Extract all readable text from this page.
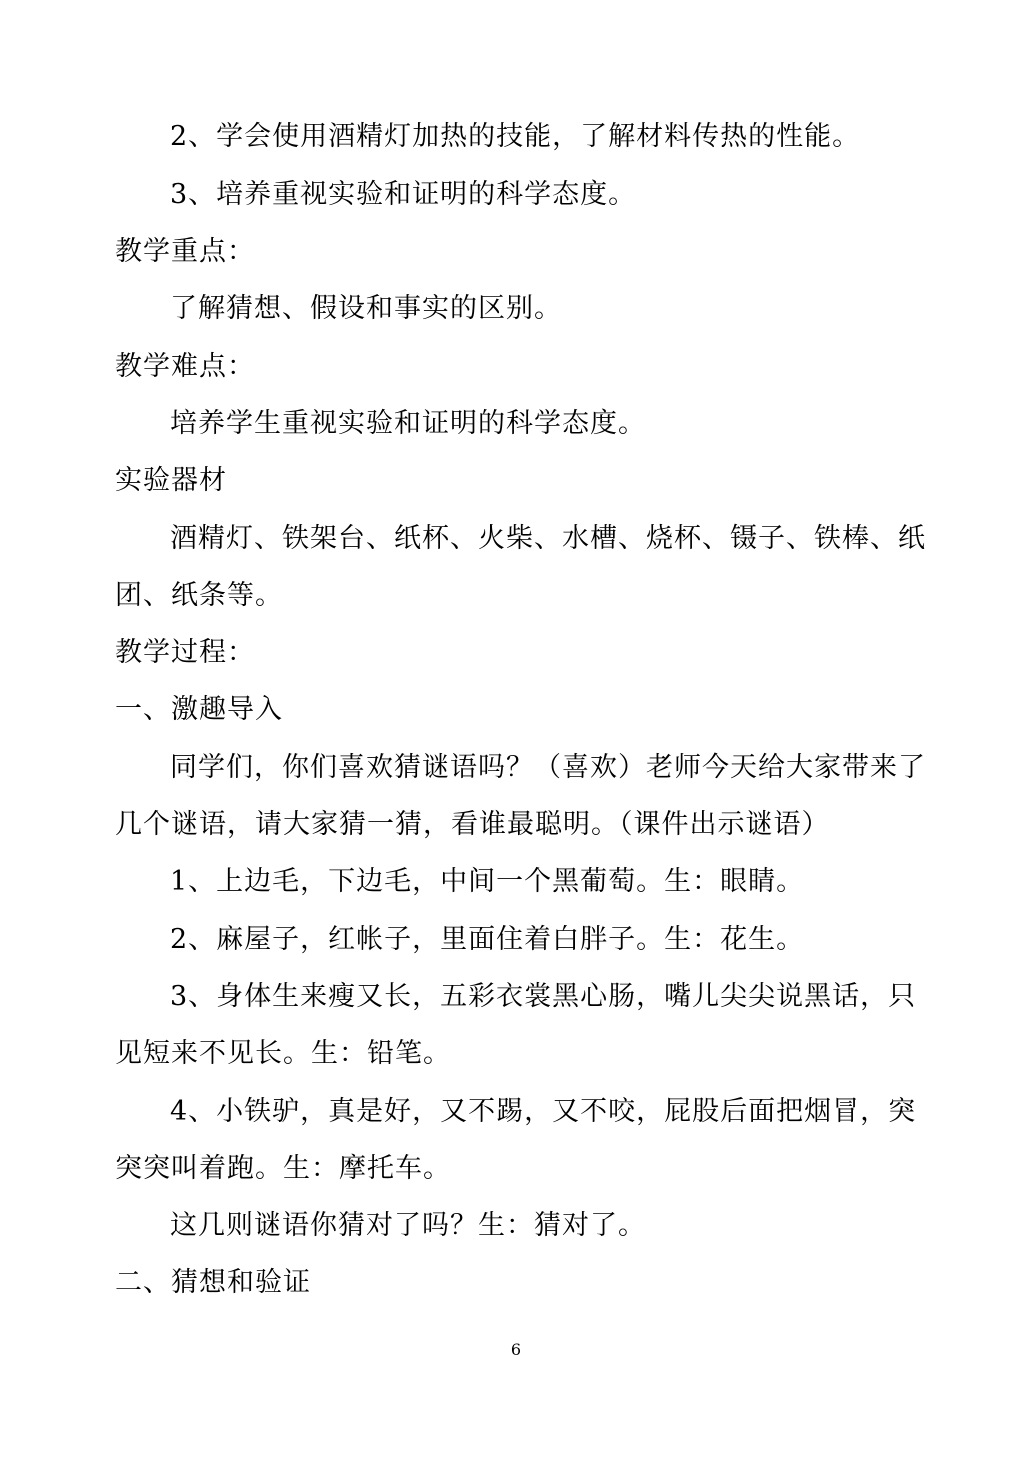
2、学会使用酒精灯加热的技能，了解材料传热的性能。
3、培养重视实验和证明的科学态度。
教学重点：
了解猜想、假设和事实的区别。
教学难点：
培养学生重视实验和证明的科学态度。
实验器材
酒精灯、铁架台、纸杯、火柴、水槽、烧杯、镊子、铁棒、纸
团、纸条等。
教学过程：
一、激趣导入
同学们，你们喜欢猜谜语吗？（喜欢）老师今天给大家带来了
几个谜语，请大家猜一猜，看谁最聪明。（课件出示谜语）
1、上边毛，下边毛，中间一个黑葡萄。生：眼睛。
2、麻屋子，红帐子，里面住着白胖子。生：花生。
3、身体生来瘦又长，五彩衣裳黑心肠，嘴儿尖尖说黑话，只
见短来不见长。生：铅笔。
4、小铁驴，真是好，又不踢，又不咬，屁股后面把烟冒，突
突突叫着跑。生：摩托车。
这几则谜语你猜对了吗？生：猜对了。
二、猜想和验证
6
